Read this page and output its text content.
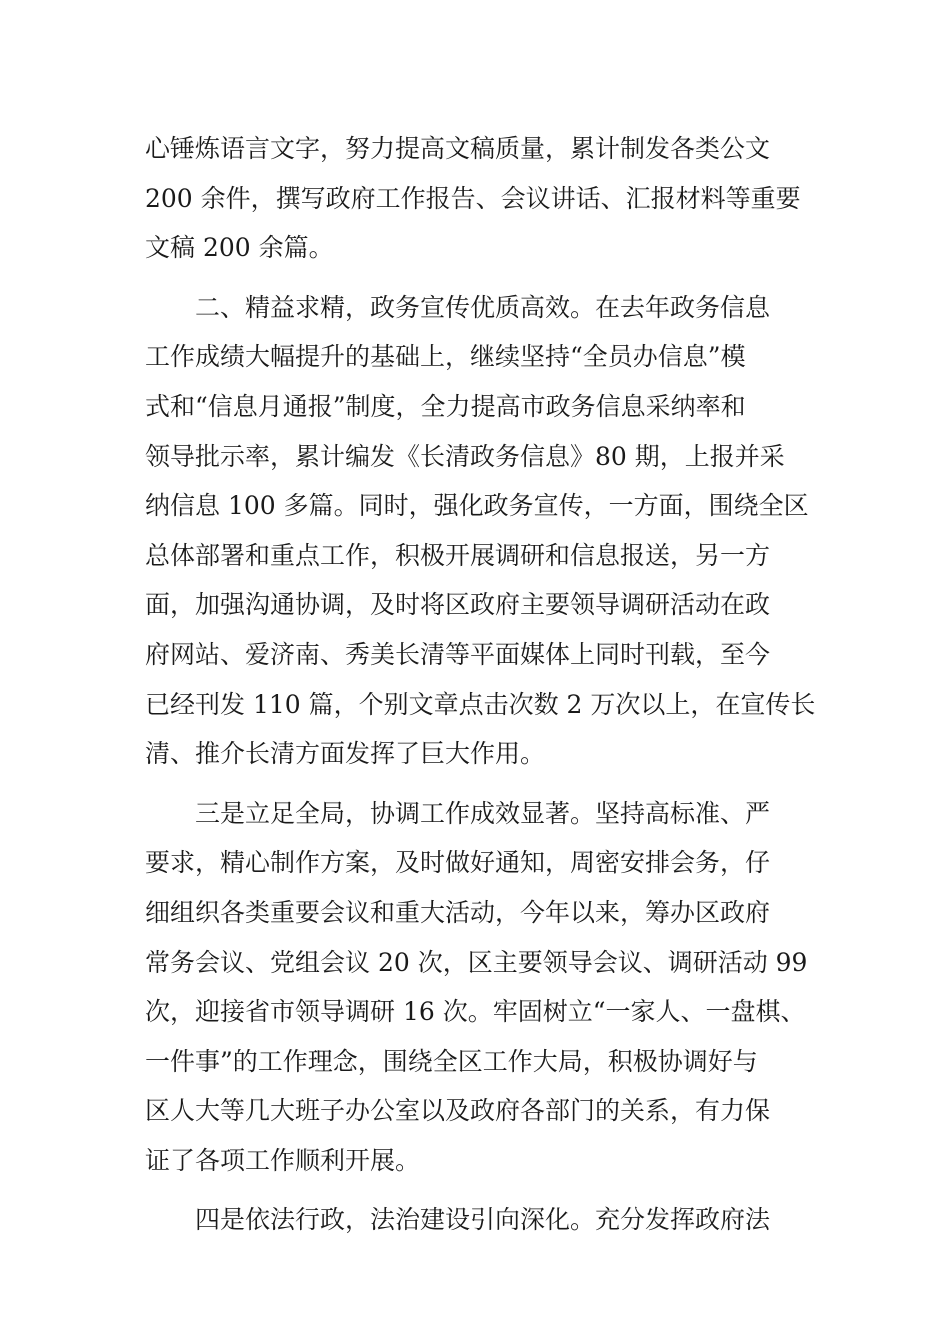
心锤炼语言文字，努力提高文稿质量，累计制发各类公文
200 余件，撰写政府工作报告、会议讲话、汇报材料等重要
文稿 200 余篇。
二、精益求精，政务宣传优质高效。在去年政务信息
工作成绩大幅提升的基础上，继续坚持“全员办信息”模
式和“信息月通报”制度，全力提高市政务信息采纳率和
领导批示率，累计编发《长清政务信息》80 期，上报并采
纳信息 100 多篇。同时，强化政务宣传，一方面，围绕全区
总体部署和重点工作，积极开展调研和信息报送，另一方
面，加强沟通协调，及时将区政府主要领导调研活动在政
府网站、爱济南、秀美长清等平面媒体上同时刊载，至今
已经刊发 110 篇，个别文章点击次数 2 万次以上，在宣传长
清、推介长清方面发挥了巨大作用。
三是立足全局，协调工作成效显著。坚持高标准、严
要求，精心制作方案，及时做好通知，周密安排会务，仔
细组织各类重要会议和重大活动，今年以来，筹办区政府
常务会议、党组会议 20 次，区主要领导会议、调研活动 99
次，迎接省市领导调研 16 次。牢固树立“一家人、一盘棋、
一件事”的工作理念，围绕全区工作大局，积极协调好与
区人大等几大班子办公室以及政府各部门的关系，有力保
证了各项工作顺利开展。
四是依法行政，法治建设引向深化。充分发挥政府法
